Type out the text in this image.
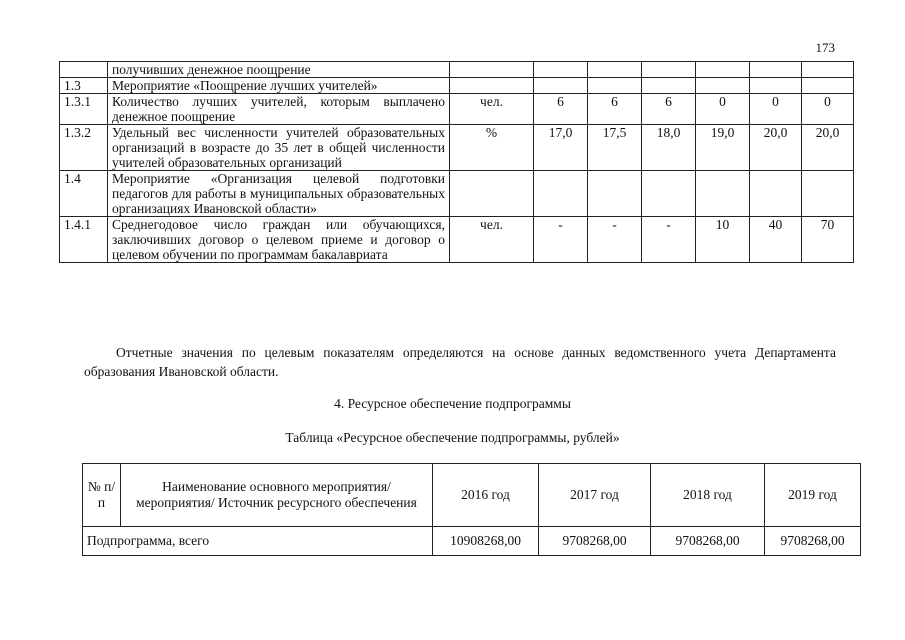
173
	получивших денежное поощрение							
1.3	Мероприятие «Поощрение лучших учителей»							
1.3.1	Количество лучших учителей, которым выплачено денежное поощрение	чел.	6	6	6	0	0	0
1.3.2	Удельный вес численности учителей образовательных организаций в возрасте до 35 лет в общей численности учителей образовательных организаций	%	17,0	17,5	18,0	19,0	20,0	20,0
1.4	Мероприятие «Организация целевой подготовки педагогов для работы в муниципальных образовательных организациях Ивановской области»							
1.4.1	Среднегодовое число граждан или обучающихся, заключивших договор о целевом приеме и договор о целевом обучении по программам бакалавриата	чел.	-	-	-	10	40	70
Отчетные значения по целевым показателям определяются на основе данных ведомственного учета Департамента образования Ивановской области.
4. Ресурсное обеспечение подпрограммы
Таблица «Ресурсное обеспечение подпрограммы, рублей»
№ п/п	Наименование основного мероприятия/мероприятия/ Источник ресурсного обеспечения	2016 год	2017 год	2018 год	2019 год
Подпрограмма, всего		10908268,00	9708268,00	9708268,00	9708268,00
